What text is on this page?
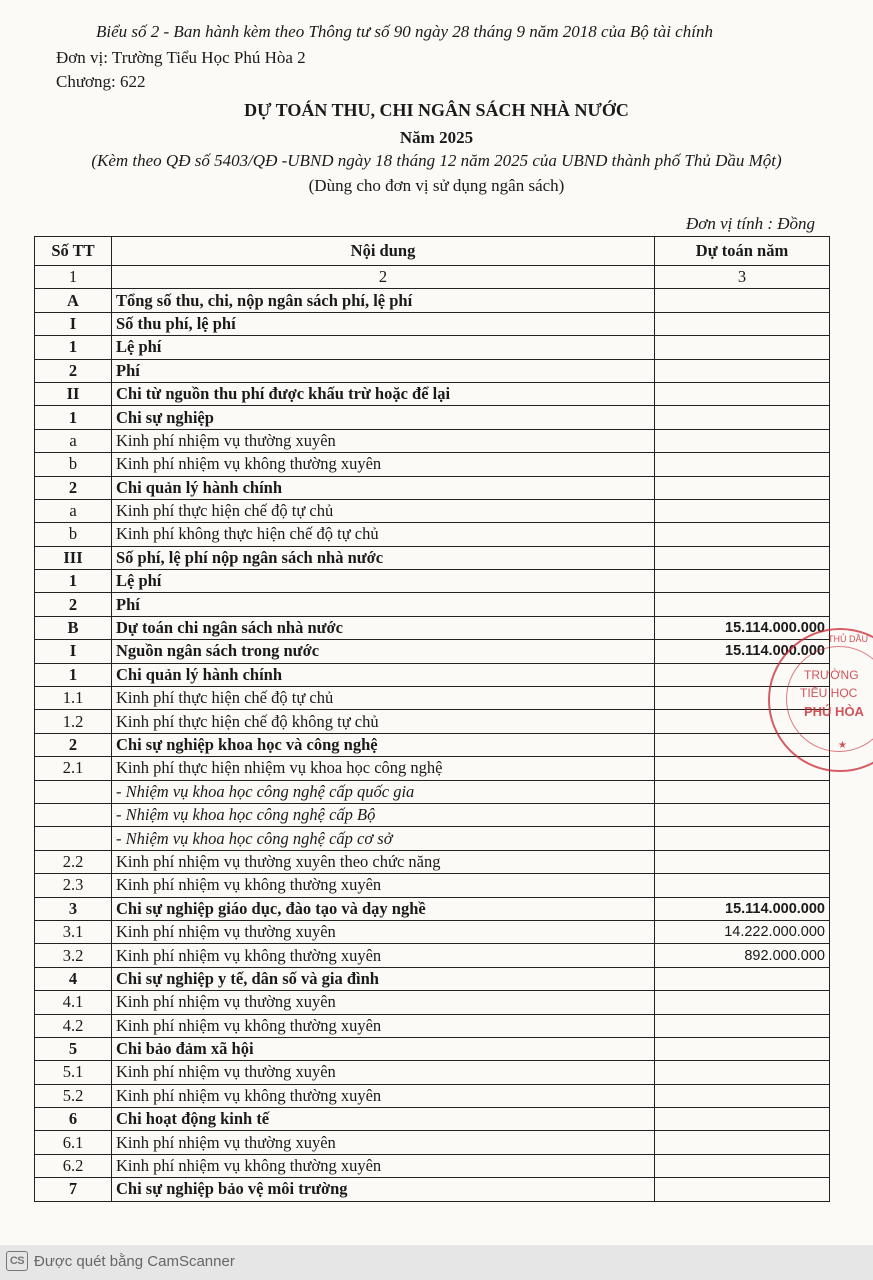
Biểu số 2 - Ban hành kèm theo Thông tư số 90 ngày 28 tháng 9 năm 2018 của Bộ tài chính
Đơn vị: Trường Tiểu Học Phú Hòa 2
Chương: 622
DỰ TOÁN THU, CHI NGÂN SÁCH NHÀ NƯỚC
Năm 2025
(Kèm theo QĐ số 5403/QĐ -UBND ngày 18 tháng 12 năm 2025 của UBND thành phố Thủ Dầu Một)
(Dùng cho đơn vị sử dụng ngân sách)
Đơn vị tính : Đồng
Số TT	Nội dung	Dự toán năm
1	2	3
A	Tổng số thu, chi, nộp ngân sách phí, lệ phí	
I	Số thu phí, lệ phí	
1	Lệ phí	
2	Phí	
II	Chi từ nguồn thu phí được khấu trừ hoặc để lại	
1	Chi sự nghiệp	
a	Kinh phí nhiệm vụ thường xuyên	
b	Kinh phí nhiệm vụ không thường xuyên	
2	Chi quản lý hành chính	
a	Kinh phí thực hiện chế độ tự chủ	
b	Kinh phí không thực hiện chế độ tự chủ	
III	Số phí, lệ phí nộp ngân sách nhà nước	
1	Lệ phí	
2	Phí	
B	Dự toán chi ngân sách nhà nước	15.114.000.000
I	Nguồn ngân sách trong nước	15.114.000.000
1	Chi quản lý hành chính	
1.1	Kinh phí thực hiện chế độ tự chủ	
1.2	Kinh phí thực hiện chế độ không tự chủ	
2	Chi sự nghiệp khoa học và công nghệ	
2.1	Kinh phí thực hiện nhiệm vụ khoa học công nghệ	
	- Nhiệm vụ khoa học công nghệ cấp quốc gia	
	- Nhiệm vụ khoa học công nghệ cấp Bộ	
	- Nhiệm vụ khoa học công nghệ cấp cơ sở	
2.2	Kinh phí nhiệm vụ thường xuyên theo chức năng	
2.3	Kinh phí nhiệm vụ không thường xuyên	
3	Chi sự nghiệp giáo dục, đào tạo và dạy nghề	15.114.000.000
3.1	Kinh phí nhiệm vụ thường xuyên	14.222.000.000
3.2	Kinh phí nhiệm vụ không thường xuyên	892.000.000
4	Chi sự nghiệp y tế, dân số và gia đình	
4.1	Kinh phí nhiệm vụ thường xuyên	
4.2	Kinh phí nhiệm vụ không thường xuyên	
5	Chi bảo đảm xã hội	
5.1	Kinh phí nhiệm vụ thường xuyên	
5.2	Kinh phí nhiệm vụ không thường xuyên	
6	Chi hoạt động kinh tế	
6.1	Kinh phí nhiệm vụ thường xuyên	
6.2	Kinh phí nhiệm vụ không thường xuyên	
7	Chi sự nghiệp bảo vệ môi trường	
THỦ DẦU
TRƯỜNG
TIỂU HỌC
PHÚ HÒA
★
CS Được quét bằng CamScanner
